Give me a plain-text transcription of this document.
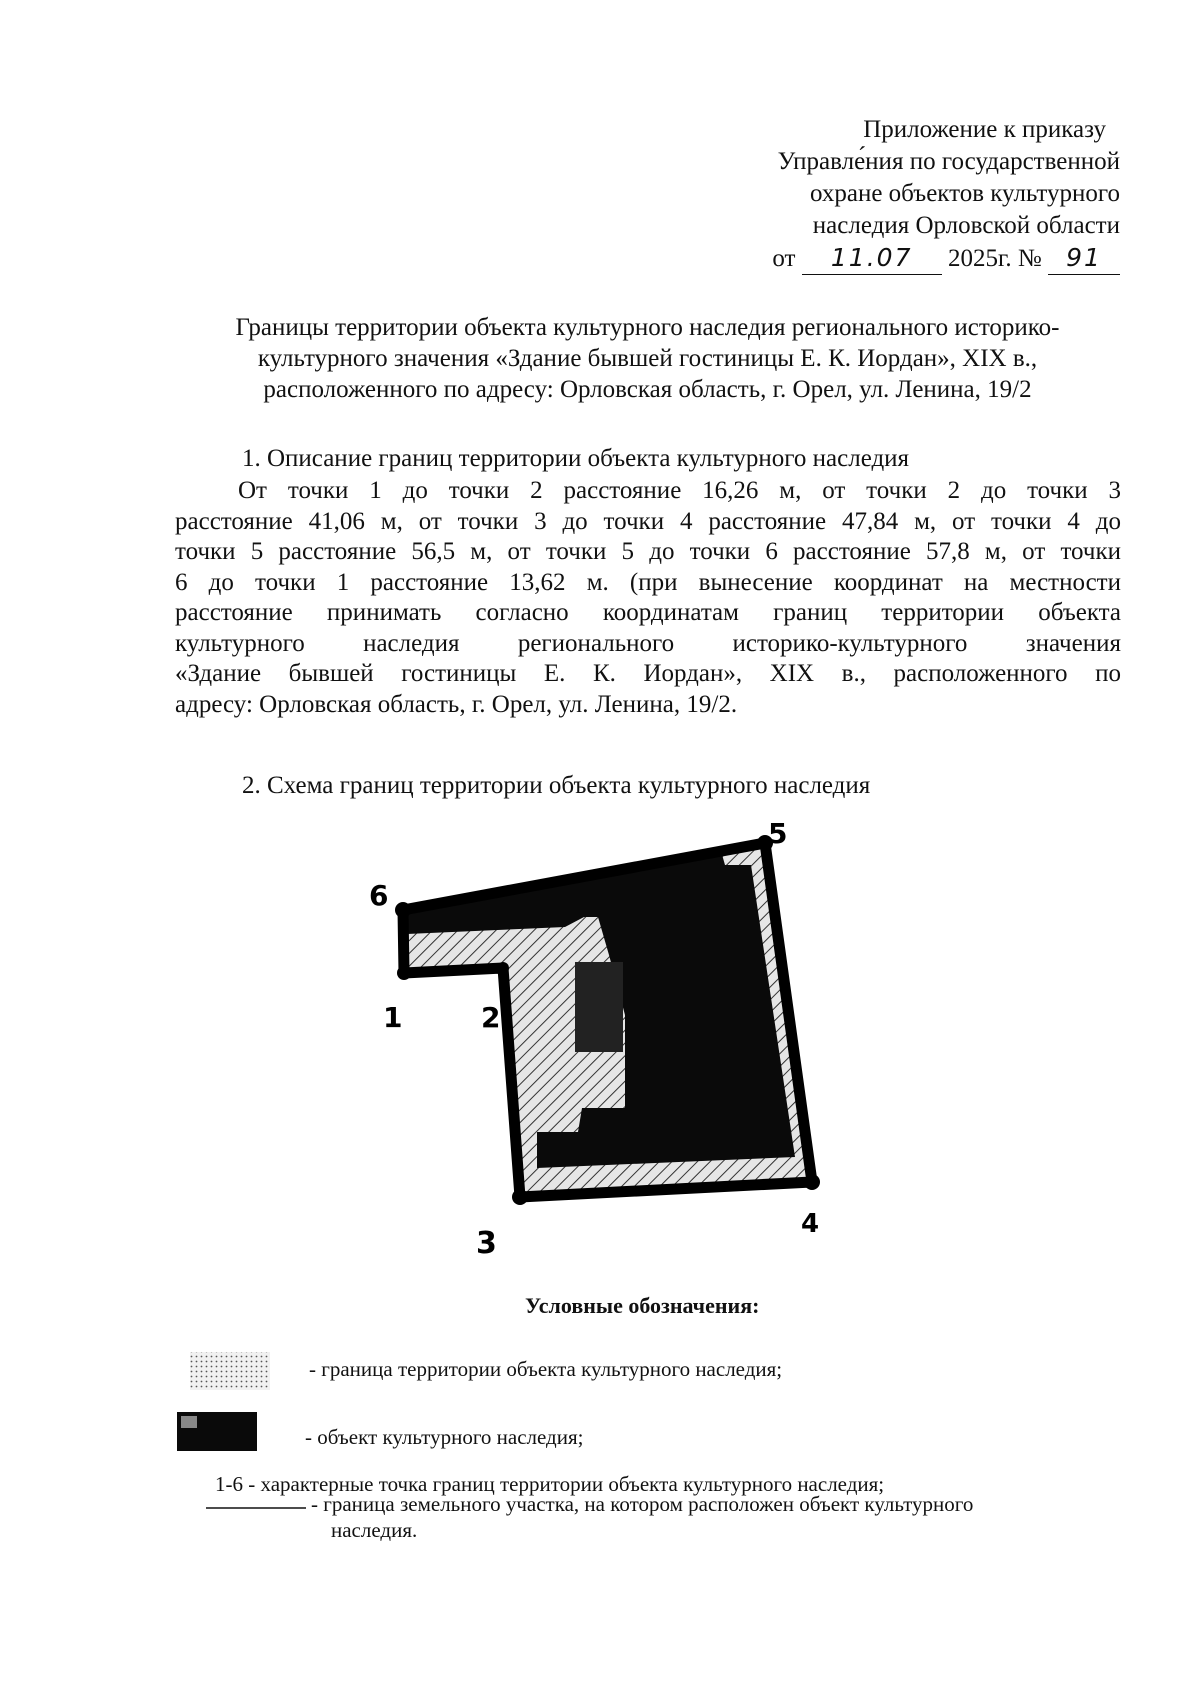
Приложение к приказу
Управле́ния по государственной
охране объектов культурного
наследия Орловской области
от 11.07 2025г. № 91
Границы территории объекта культурного наследия регионального историко-
культурного значения «Здание бывшей гостиницы Е. К. Иордан», XIX в.,
расположенного по адресу: Орловская область, г. Орел, ул. Ленина, 19/2
1. Описание границ территории объекта культурного наследия
От точки 1 до точки 2 расстояние 16,26 м, от точки 2 до точки 3
расстояние 41,06 м, от точки 3 до точки 4 расстояние 47,84 м, от точки 4 до
точки 5 расстояние 56,5 м, от точки 5 до точки 6 расстояние 57,8 м, от точки
6 до точки 1 расстояние 13,62 м. (при вынесение координат на местности
расстояние принимать согласно координатам границ территории объекта
культурного наследия регионального историко-культурного значения
«Здание бывшей гостиницы Е. К. Иордан», XIX в., расположенного по
адресу: Орловская область, г. Орел, ул. Ленина, 19/2.
2. Схема границ территории объекта культурного наследия
1	2
3
4
5
6
Условные обозначения:
- граница территории объекта культурного наследия;
- объект культурного наследия;
1-6 - характерные точка границ территории объекта культурного наследия;
- граница земельного участка, на котором расположен объект культурного
наследия.
